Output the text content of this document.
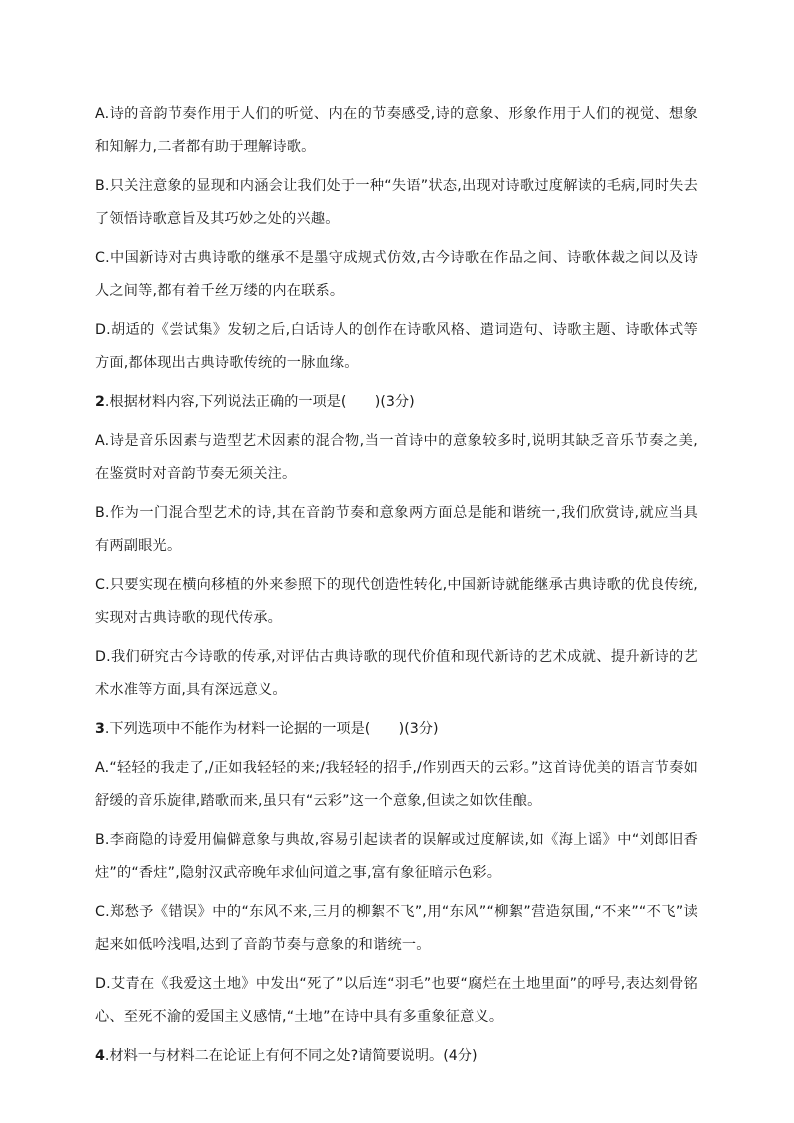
A.诗的音韵节奏作用于人们的听觉、内在的节奏感受,诗的意象、形象作用于人们的视觉、想象和知解力,二者都有助于理解诗歌。

B.只关注意象的显现和内涵会让我们处于一种“失语”状态,出现对诗歌过度解读的毛病,同时失去了领悟诗歌意旨及其巧妙之处的兴趣。

C.中国新诗对古典诗歌的继承不是墨守成规式仿效,古今诗歌在作品之间、诗歌体裁之间以及诗人之间等,都有着千丝万缕的内在联系。

D.胡适的《尝试集》发轫之后,白话诗人的创作在诗歌风格、遣词造句、诗歌主题、诗歌体式等方面,都体现出古典诗歌传统的一脉血缘。

2.根据材料内容,下列说法正确的一项是(　　)(3分)

A.诗是音乐因素与造型艺术因素的混合物,当一首诗中的意象较多时,说明其缺乏音乐节奏之美,在鉴赏时对音韵节奏无须关注。

B.作为一门混合型艺术的诗,其在音韵节奏和意象两方面总是能和谐统一,我们欣赏诗,就应当具有两副眼光。

C.只要实现在横向移植的外来参照下的现代创造性转化,中国新诗就能继承古典诗歌的优良传统,实现对古典诗歌的现代传承。

D.我们研究古今诗歌的传承,对评估古典诗歌的现代价值和现代新诗的艺术成就、提升新诗的艺术水准等方面,具有深远意义。

3.下列选项中不能作为材料一论据的一项是(　　)(3分)

A.“轻轻的我走了,/正如我轻轻的来;/我轻轻的招手,/作别西天的云彩。”这首诗优美的语言节奏如舒缓的音乐旋律,踏歌而来,虽只有“云彩”这一个意象,但读之如饮佳酿。

B.李商隐的诗爱用偏僻意象与典故,容易引起读者的误解或过度解读,如《海上谣》中“刘郎旧香炷”的“香炷”,隐射汉武帝晚年求仙问道之事,富有象征暗示色彩。

C.郑愁予《错误》中的“东风不来,三月的柳絮不飞”,用“东风”“柳絮”营造氛围,“不来”“不飞”读起来如低吟浅唱,达到了音韵节奏与意象的和谐统一。

D.艾青在《我爱这土地》中发出“死了”以后连“羽毛”也要“腐烂在土地里面”的呼号,表达刻骨铭心、至死不渝的爱国主义感情,“土地”在诗中具有多重象征意义。

4.材料一与材料二在论证上有何不同之处?请简要说明。(4分)
